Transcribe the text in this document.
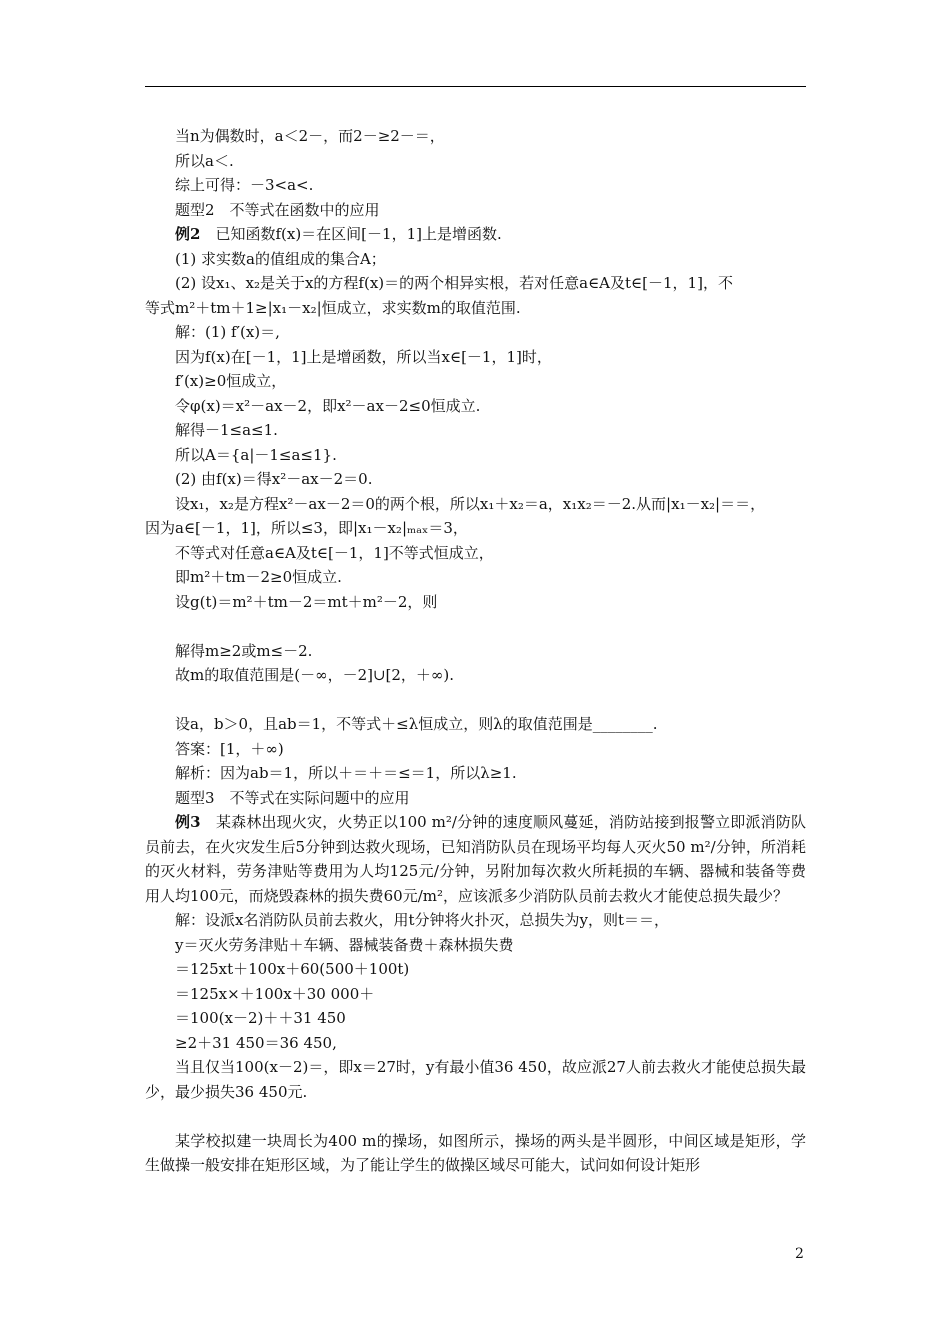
当n为偶数时，a＜2－，而2－≥2－＝，
所以a＜.
综上可得：－3<a<.
题型2　不等式在函数中的应用
例2　 已知函数f(x)＝在区间[－1，1]上是增函数.
(1) 求实数a的值组成的集合A；
(2) 设x₁、x₂是关于x的方程f(x)＝的两个相异实根，若对任意a∈A及t∈[－1，1]，不
等式m²＋tm＋1≥|x₁－x₂|恒成立，求实数m的取值范围.
解：(1) f′(x)＝,
因为f(x)在[－1，1]上是增函数，所以当x∈[－1，1]时，
f′(x)≥0恒成立，
令φ(x)＝x²－ax－2，即x²－ax－2≤0恒成立.
解得－1≤a≤1.
所以A＝{a|－1≤a≤1}.
(2) 由f(x)＝得x²－ax－2＝0.
设x₁，x₂是方程x²－ax－2＝0的两个根，所以x₁＋x₂＝a，x₁x₂＝－2.从而|x₁－x₂|＝＝，
因为a∈[－1，1]，所以≤3，即|x₁－x₂|ₘₐₓ＝3，
不等式对任意a∈A及t∈[－1，1]不等式恒成立，
即m²＋tm－2≥0恒成立.
设g(t)＝m²＋tm－2＝mt＋m²－2，则
解得m≥2或m≤－2.
故m的取值范围是(－∞，－2]∪[2，＋∞).
设a，b＞0，且ab＝1，不等式＋≤λ恒成立，则λ的取值范围是________.
答案：[1，＋∞)
解析：因为ab＝1，所以＋＝＋＝≤＝1，所以λ≥1.
题型3　不等式在实际问题中的应用
例3　 某森林出现火灾，火势正以100 m²/分钟的速度顺风蔓延，消防站接到报警立即派消防队员前去，在火灾发生后5分钟到达救火现场，已知消防队员在现场平均每人灭火50 m²/分钟，所消耗的灭火材料，劳务津贴等费用为人均125元/分钟，另附加每次救火所耗损的车辆、器械和装备等费用人均100元，而烧毁森林的损失费60元/m²，应该派多少消防队员前去救火才能使总损失最少？
解：设派x名消防队员前去救火，用t分钟将火扑灭，总损失为y，则t＝＝，
y＝灭火劳务津贴＋车辆、器械装备费＋森林损失费
＝125xt＋100x＋60(500＋100t)
＝125x×＋100x＋30 000＋
＝100(x－2)＋＋31 450
≥2＋31 450＝36 450,
当且仅当100(x－2)＝，即x＝27时，y有最小值36 450，故应派27人前去救火才能使总损失最少，最少损失36 450元.
某学校拟建一块周长为400 m的操场，如图所示，操场的两头是半圆形，中间区域是矩形，学生做操一般安排在矩形区域，为了能让学生的做操区域尽可能大，试问如何设计矩形
2
